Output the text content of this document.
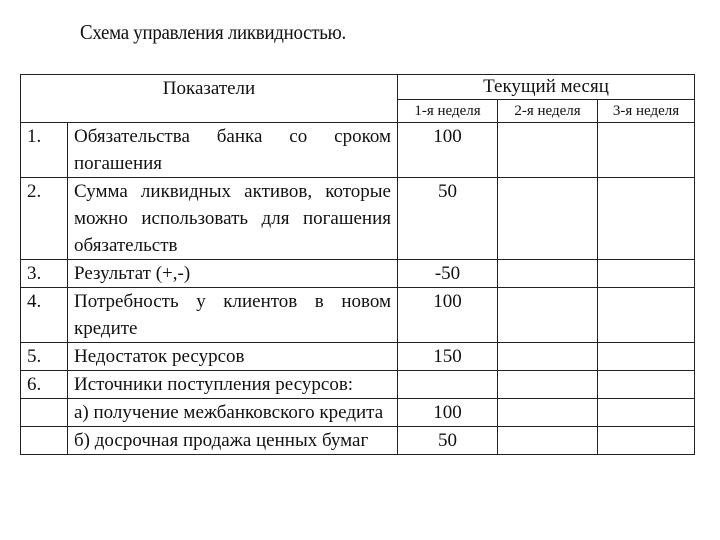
Схема управления ликвидностью.
Показатели		Текущий месяц		
		1-я неделя	2-я неделя	3-я неделя
1.	Обязательства банка со сроком погашения	100		
2.	Сумма ликвидных активов, которые можно использовать для погашения обязательств	50		
3.	Результат (+,-)	-50		
4.	Потребность у клиентов в новом кредите	100		
5.	Недостаток ресурсов	150		
6.	Источники поступления ресурсов:			
	а) получение межбанковского кредита	100		
	б) досрочная продажа ценных бумаг	50		
